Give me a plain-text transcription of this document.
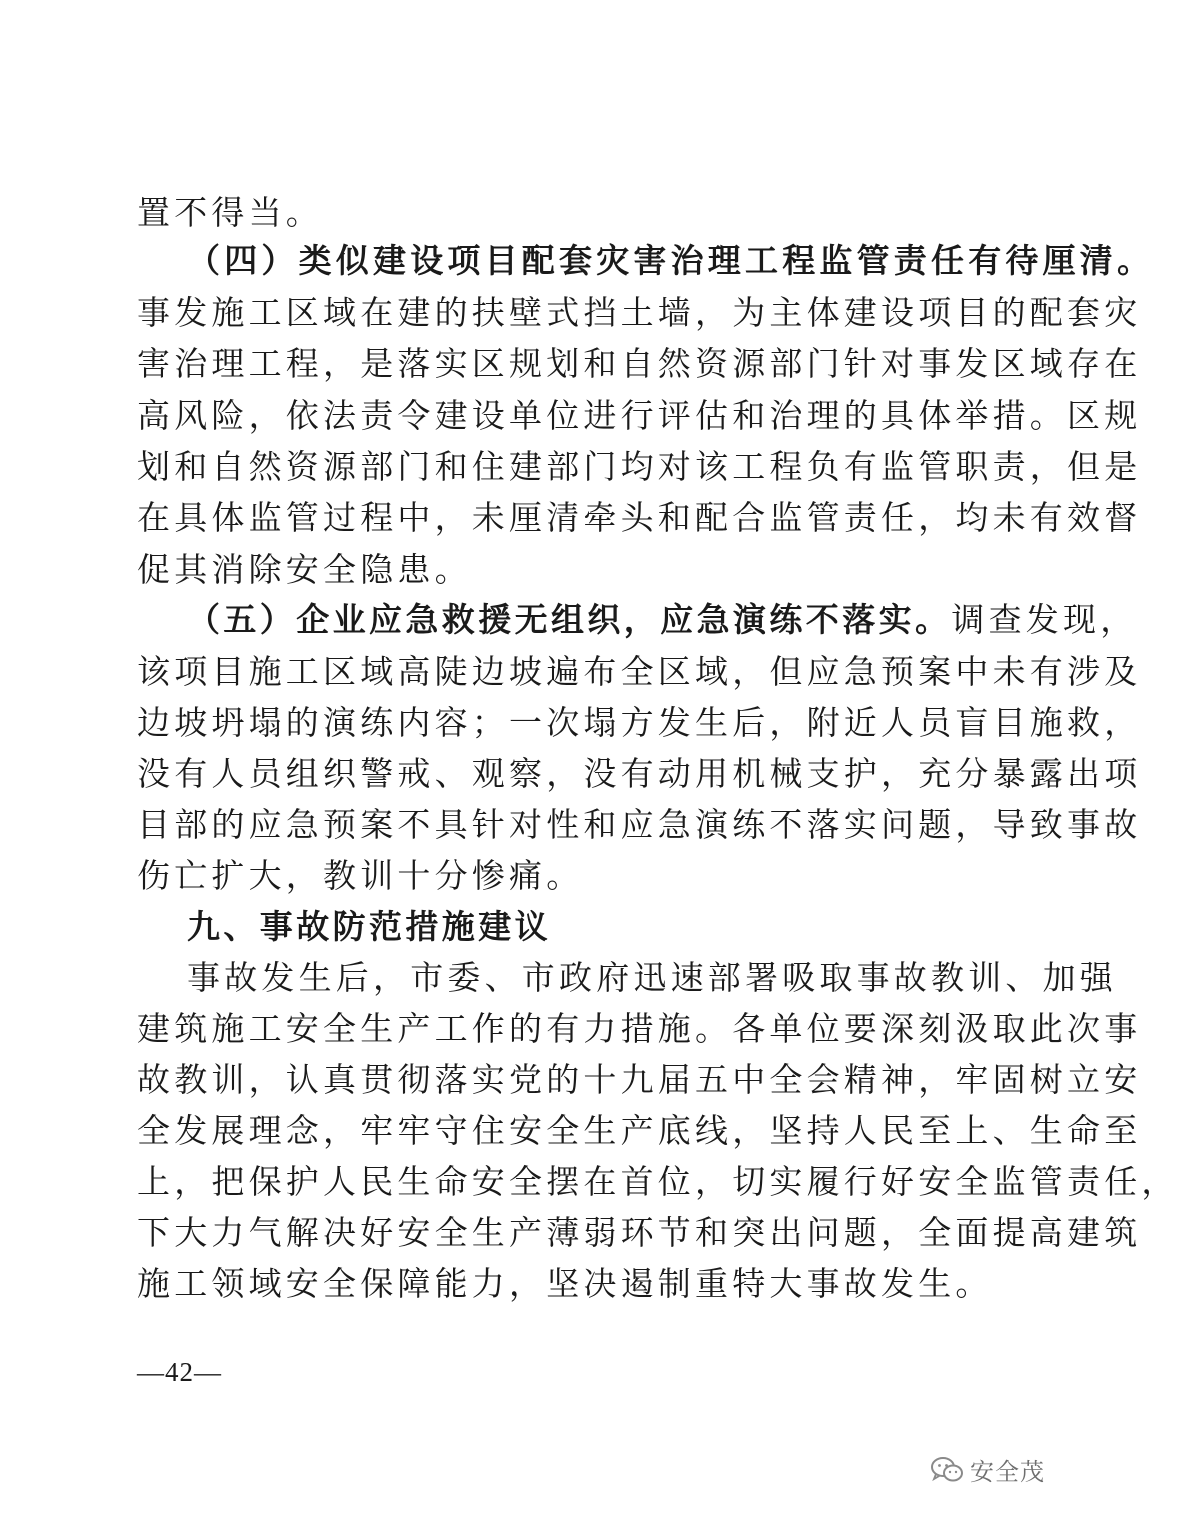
置不得当。
（四）类似建设项目配套灾害治理工程监管责任有待厘清。
事发施工区域在建的扶壁式挡土墙，为主体建设项目的配套灾
害治理工程，是落实区规划和自然资源部门针对事发区域存在
高风险，依法责令建设单位进行评估和治理的具体举措。区规
划和自然资源部门和住建部门均对该工程负有监管职责，但是
在具体监管过程中，未厘清牵头和配合监管责任，均未有效督
促其消除安全隐患。
（五）企业应急救援无组织，应急演练不落实。调查发现，
该项目施工区域高陡边坡遍布全区域，但应急预案中未有涉及
边坡坍塌的演练内容；一次塌方发生后，附近人员盲目施救，
没有人员组织警戒、观察，没有动用机械支护，充分暴露出项
目部的应急预案不具针对性和应急演练不落实问题，导致事故
伤亡扩大，教训十分惨痛。
九、事故防范措施建议
事故发生后，市委、市政府迅速部署吸取事故教训、加强
建筑施工安全生产工作的有力措施。各单位要深刻汲取此次事
故教训，认真贯彻落实党的十九届五中全会精神，牢固树立安
全发展理念，牢牢守住安全生产底线，坚持人民至上、生命至
上，把保护人民生命安全摆在首位，切实履行好安全监管责任，
下大力气解决好安全生产薄弱环节和突出问题，全面提高建筑
施工领域安全保障能力，坚决遏制重特大事故发生。
—42—
安全茂
